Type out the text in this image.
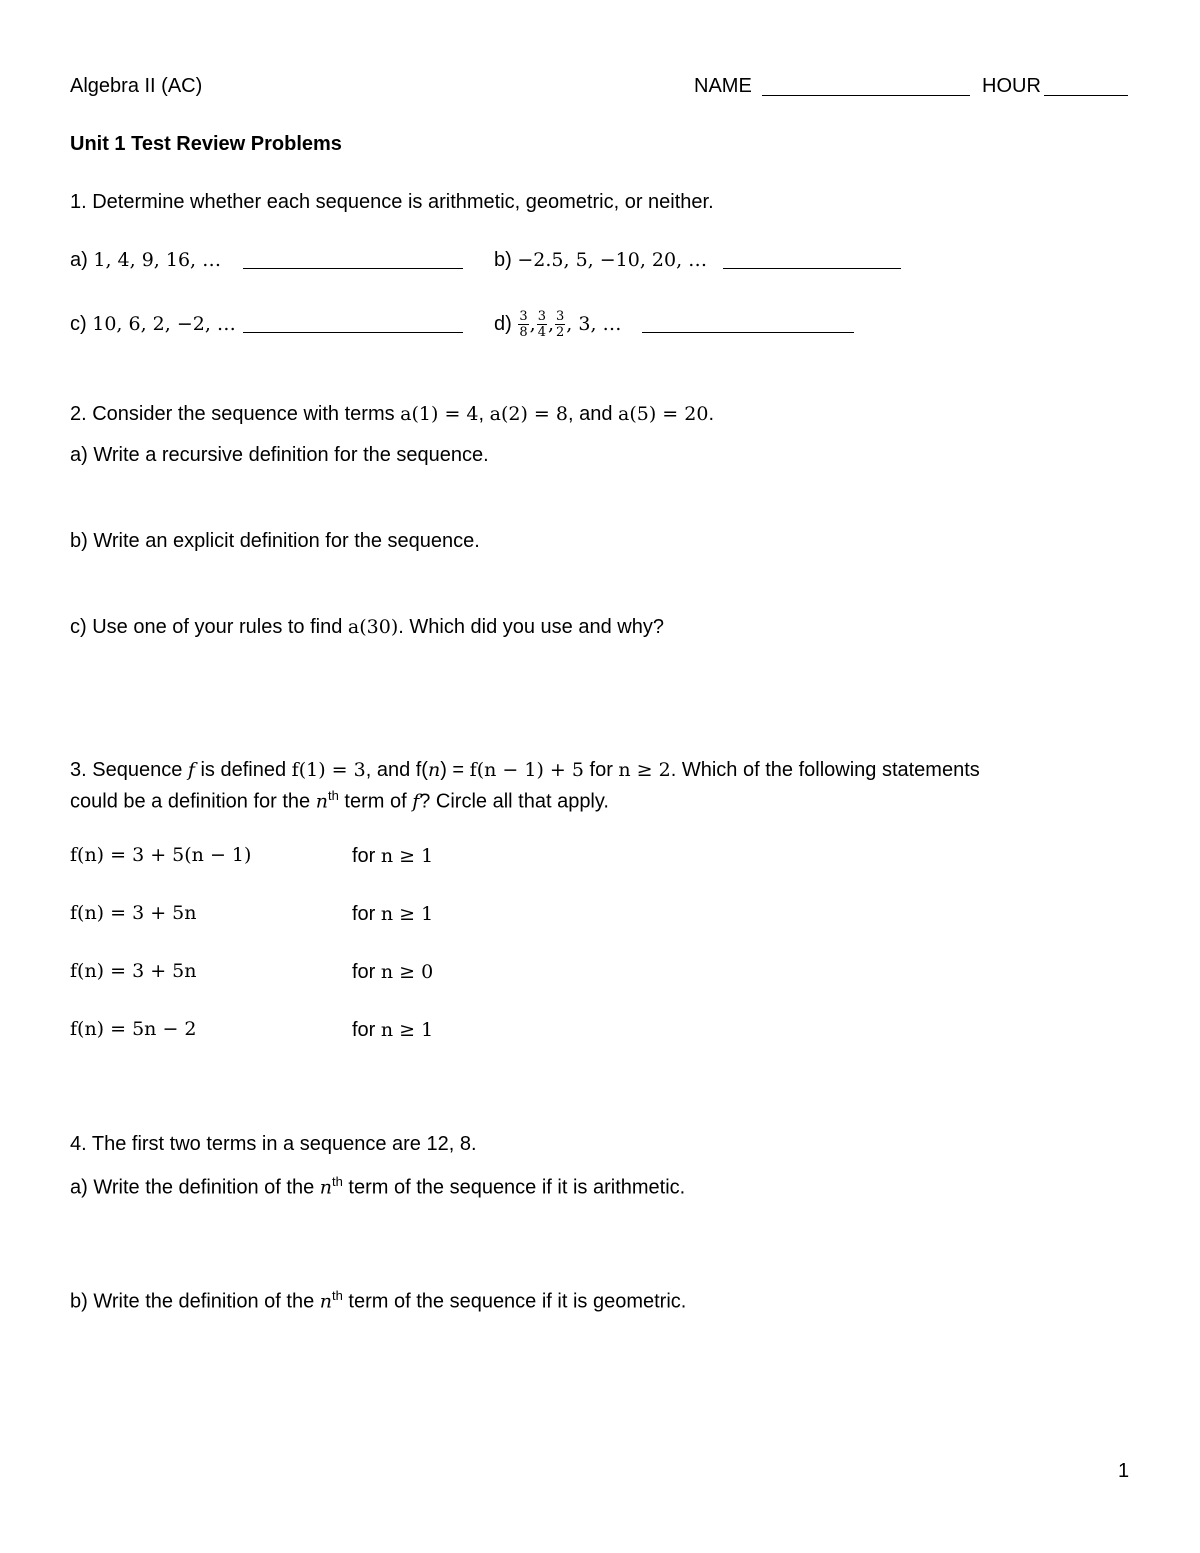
Algebra II (AC)	NAME	HOUR
Unit 1 Test Review Problems
1. Determine whether each sequence is arithmetic, geometric, or neither.
a) 1, 4, 9, 16, …	b) −2.5, 5, −10, 20, …
c) 10, 6, 2, −2, …	$d) \frac{3}{8}$ , $\frac{3}{4}$ , $\frac{3}{2}$ , 3, …
2. Consider the sequence with terms a(1) = 4, a(2) = 8, and a(5) = 20.
a) Write a recursive definition for the sequence.
b) Write an explicit definition for the sequence.
c) Use one of your rules to find a(30). Which did you use and why?
3. Sequence f is defined f(1) = 3, and f(n) = f(n − 1) + 5 for n ≥ 2. Which of the following statements
could be a definition for the $n^{th}$ term of f? Circle all that apply.
f(n) = 3 + 5(n − 1)	for n ≥ 1
f(n) = 3 + 5n	for n ≥ 1
f(n) = 3 + 5n	for n ≥ 0
f(n) = 5n − 2	for n ≥ 1
4. The first two terms in a sequence are 12, 8.
a) Write the definition of the $n^{th}$ term of the sequence if it is arithmetic.
b) Write the definition of the $n^{th}$ term of the sequence if it is geometric.
1
